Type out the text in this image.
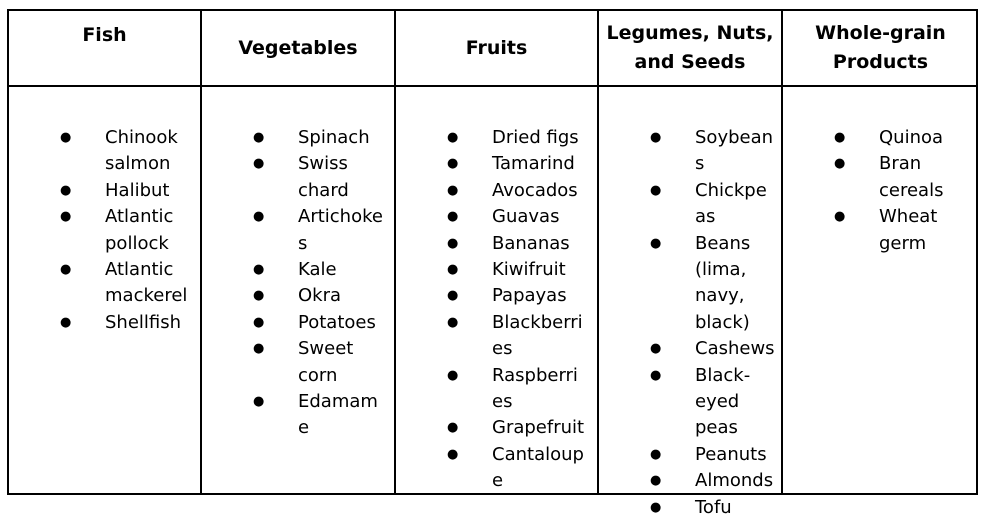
Fish
Vegetables	Fruits
Legumes, Nuts, and Seeds
Whole-grain Products
● Chinook salmon
● Halibut
● Atlantic pollock
● Atlantic mackerel
● Shellfish
● Spinach
● Swiss chard
● Artichokes
● Kale
● Okra
● Potatoes
● Sweet corn
● Edamame
● Dried figs
● Tamarind
● Avocados
● Guavas
● Bananas
● Kiwifruit
● Papayas
● Blackberries
● Raspberries
● Grapefruit
● Cantaloupe
● Soybeans
● Chickpeas
● Beans (lima, navy, black)
● Cashews
● Black-eyed peas
● Peanuts
● Almonds
● Tofu
● Quinoa
● Bran cereals
● Wheat germ
